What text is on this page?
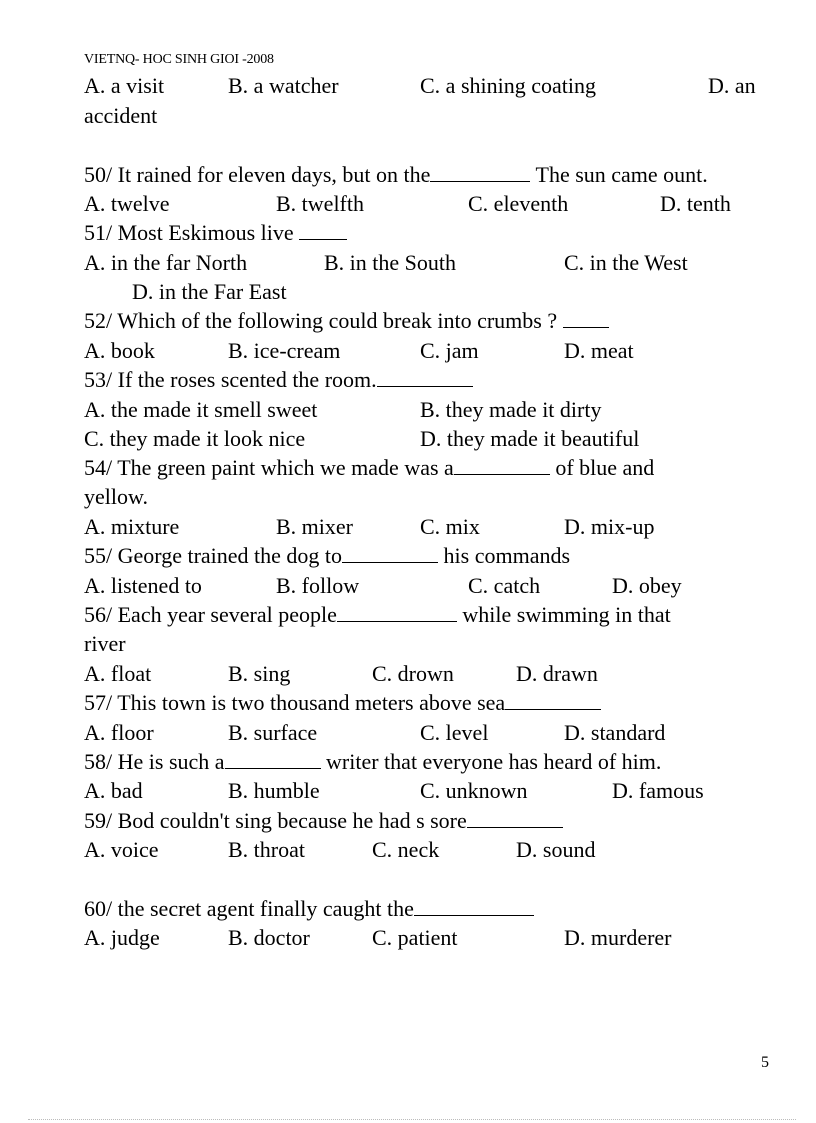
VIETNQ- HOC SINH GIOI -2008
A. a visit	B. a watcher	C. a shining coating	D. an
accident
50/ It rained for eleven days, but on the	The sun came ount.
A. twelve	B. twelfth	C. eleventh	D. tenth
51/ Most Eskimous live
A. in the far North	B. in the South	C. in the West
D. in the Far East
52/ Which of the following could break into crumbs ?
A. book	B. ice-cream	C. jam	D. meat
53/ If the roses scented the room.
A. the made it smell sweet	B. they made it dirty
C. they made it look nice	D. they made it beautiful
54/ The green paint which we made was a	of blue and
yellow.
A. mixture	B. mixer	C. mix	D. mix-up
55/ George trained the dog to	his commands
A. listened to	B. follow	C. catch	D. obey
56/ Each year several people	while swimming in that
river
A. float	B. sing	C. drown	D. drawn
57/ This town is two thousand meters above sea
A. floor	B. surface	C. level	D. standard
58/ He is such a	writer that everyone has heard of him.
A. bad	B. humble	C. unknown	D. famous
59/ Bod couldn't sing because he had s sore
A. voice	B. throat	C. neck	D. sound
60/ the secret agent finally caught the
A. judge	B. doctor	C. patient	D. murderer
5
